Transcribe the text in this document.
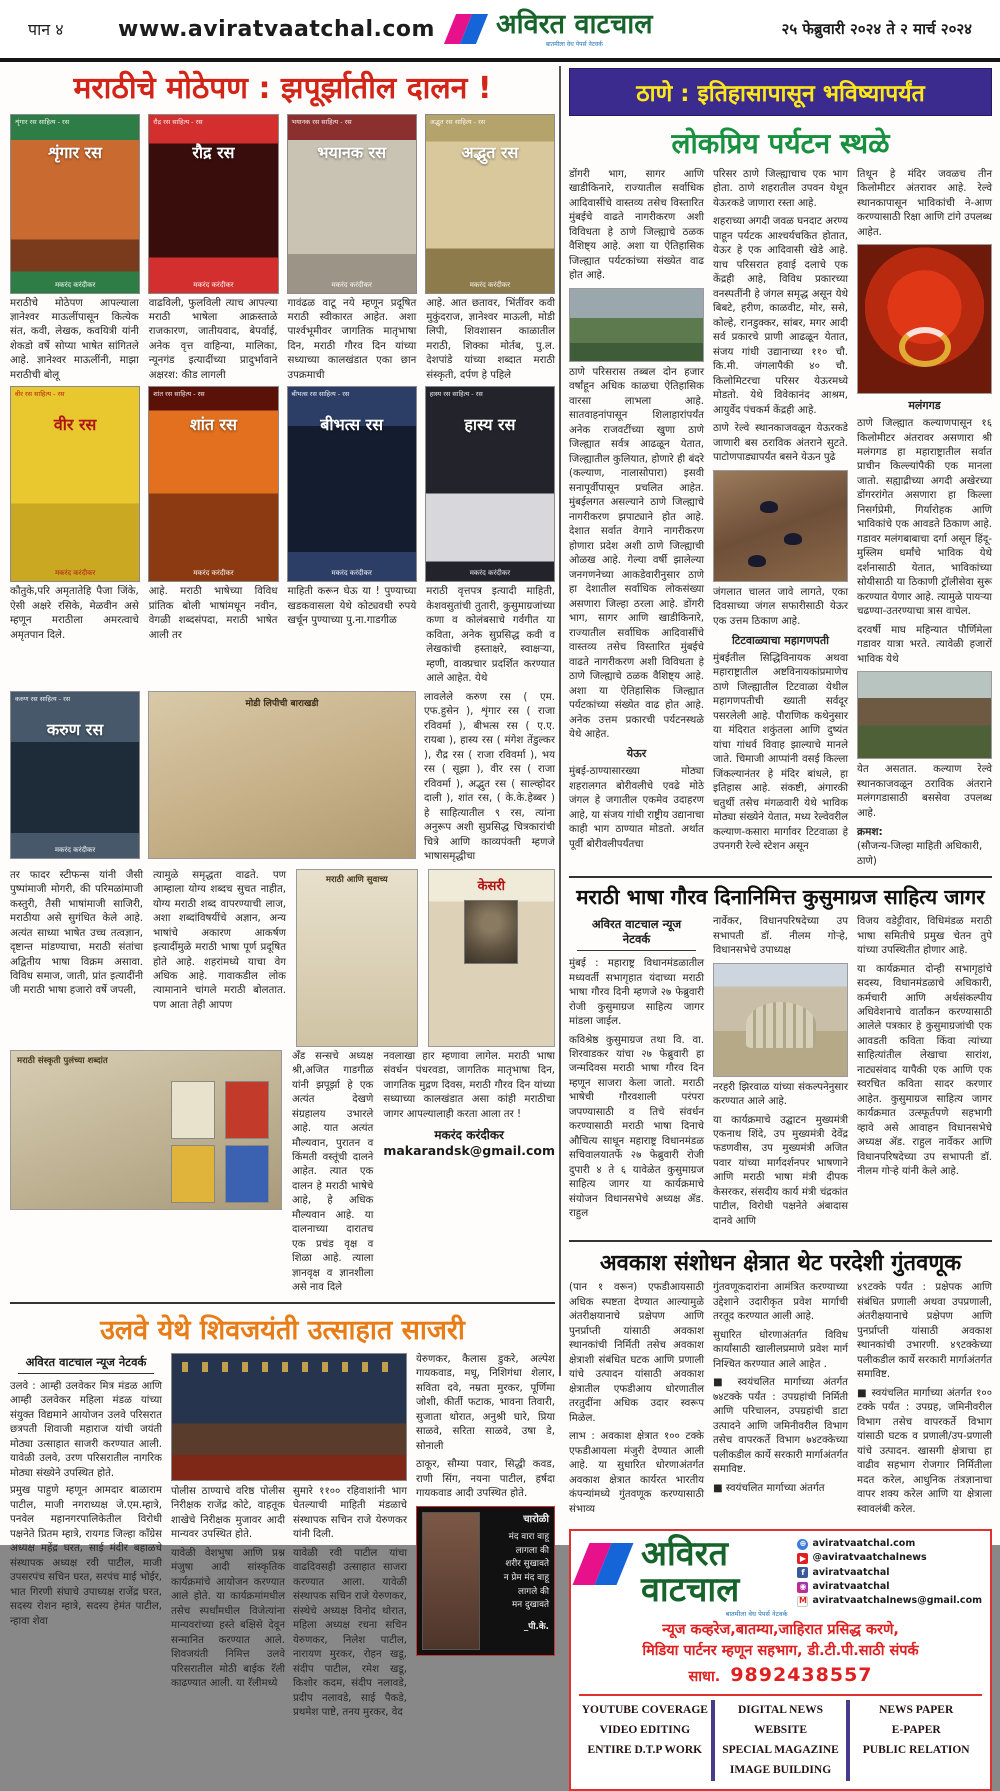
पान ४	www.aviratvaatchal.com	अविरत वाटचाल
बातमीला वेध पेपर्स नेटवर्क
२५ फेब्रुवारी २०२४ ते २ मार्च २०२४
मराठीचे मोठेपण : झपूर्झातील दालन !
शृंगार रस साहित्य - रस
शृंगार रस
मकरंद करंदीकर
रौद्र रस साहित्य - रस
रौद्र रस
मकरंद करंदीकर
भयानक रस साहित्य - रस
भयानक रस
मकरंद करंदीकर
अद्भुत रस साहित्य - रस
अद्भुत रस
मकरंद करंदीकर
मराठीचे मोठेपण आपल्याला ज्ञानेश्वर माऊलींपासून कित्येक संत, कवी, लेखक, कवयित्री यांनी शेकडो वर्षे सोप्या भाषेत सांगितले आहे. ज्ञानेश्वर माऊलींनी, माझा मराठीची बोलू
वाढविली, फुलविली त्याच आपल्या मराठी भाषेला आक्रस्ताळे राजकारण, जातीयवाद, बेपर्वाई, अनेक वृत्त वाहिन्या, मालिका, न्यूनगंड इत्यादींच्या प्रादुर्भावाने अक्षरश: कीड लागली
गावंढळ वाटू नये म्हणून प्रदूषित मराठी स्वीकारत आहेत. अशा पार्श्वभूमीवर जागतिक मातृभाषा दिन, मराठी गौरव दिन यांच्या सध्याच्या कालखंडात एका छान उपक्रमाची
आहे. आत छतावर, भिंतींवर कवी मुकुंदराज, ज्ञानेश्वर माऊली, मोडी लिपी, शिवशासन काळातील मराठी, शिक्का मोर्तब, पु.ल. देशपांडे यांच्या शब्दात मराठी संस्कृती, दर्पण हे पहिले
वीर रस साहित्य - रस
वीर रस
मकरंद करंदीकर
शांत रस साहित्य - रस
शांत रस
मकरंद करंदीकर
बीभत्स रस साहित्य - रस
बीभत्स रस
मकरंद करंदीकर
हास्य रस साहित्य - रस
हास्य रस
मकरंद करंदीकर
कौतुके,परि अमृतातेहि पैजा जिंके, ऐसी अक्षरे रसिके, मेळवीन असे म्हणून मराठीला अमरत्वाचे अमृतपान दिले.
आहे. मराठी भाषेच्या विविध प्रांतिक बोली भाषांमधून नवीन, वेगळी शब्दसंपदा, मराठी भाषेत आली तर
माहिती करून घेऊ या ! पुण्याच्या खडकवासला येथे कोट्यवधी रुपये खर्चून पुण्याच्या पु.ना.गाडगीळ
मराठी वृत्तपत्र इत्यादी माहिती, केशवसुतांची तुतारी, कुसुमाग्रजांच्या कणा व कोलंबसाचे गर्वगीत या कविता, अनेक सुप्रसिद्ध कवी व लेखकांची हस्ताक्षरे, स्वाक्षऱ्या, म्हणी, वाक्प्रचार प्रदर्शित करण्यात आले आहेत. येथे
करुण रस साहित्य - रस
करुण रस
मकरंद करंदीकर
मोडी लिपीची बाराखडी
लावलेले करुण रस ( एम. एफ.हुसेन ), शृंगार रस ( राजा रविवर्मा ), बीभत्स रस ( ए.ए. रायबा ), हास्य रस ( मंगेश तेंडुल्कर ), रौद्र रस ( राजा रविवर्मा ), भय रस ( सूझा ), वीर रस ( राजा रविवर्मा ), अद्भुत रस ( साल्व्होदर दाली ), शांत रस, ( के.के.हेब्बर ) हे साहित्यातील ९ रस, त्यांना अनुरूप अशी सुप्रसिद्ध चित्रकारांची चित्रे आणि काव्यपंक्ती म्हणजे भाषासमृद्धीचा
तर फादर स्टीफन्स यांनी जैसी पुष्पांमाजी मोगरी, की परिमळांमाजी कस्तुरी, तैसी भाषांमाजी साजिरी, मराठीया असे सुगंधित केले आहे. अत्यंत साध्या भाषेत उच्च तत्वज्ञान, दृष्टान्त मांडण्याचा, मराठी संतांचा अद्वितीय भाषा विक्रम असावा. विविध समाज, जाती, प्रांत इत्यादींनी जी मराठी भाषा हजारो वर्षे जपली,
त्यामुळे समृद्धता वाढते. पण आम्हाला योग्य शब्दच सुचत नाहीत, योग्य मराठी शब्द वापरण्याची लाज, अशा शब्दांविषयींचे अज्ञान, अन्य भाषांचे अकारण आकर्षण इत्यादींमुळे मराठी भाषा पूर्ण प्रदूषित होते आहे. शहरांमध्ये याचा वेग अधिक आहे. गावाकडील लोक त्यामानाने चांगले मराठी बोलतात. पण आता तेही आपण
मराठी आणि सुवाच्य	केसरी
मराठी संस्कृती पुलंच्या शब्दांत	अँड सन्सचे अध्यक्ष श्री,अजित गाडगीळ यांनी झपूर्झा हे एक अत्यंत देखणे संग्रहालय उभारले आहे. यात अत्यंत मौल्यवान, पुरातन व किंमती वस्तूंची दालने आहेत. त्यात एक दालन हे मराठी भाषेचे आहे, हे अधिक मौल्यवान आहे. या दालनाच्या दारातच एक प्रचंड वृक्ष व शिळा आहे. त्याला ज्ञानवृक्ष व ज्ञानशीला असे नाव दिले
नवलाखा हार म्हणावा लागेल. मराठी भाषा संवर्धन पंधरवडा, जागतिक मातृभाषा दिन, जागतिक मुद्रण दिवस, मराठी गौरव दिन यांच्या सध्याच्या कालखंडात असा कांही मराठीचा जागर आपल्यालाही करता आला तर !
मकरंद करंदीकर
makarandsk@gmail.com
उलवे येथे शिवजयंती उत्साहात साजरी
अविरत वाटचाल न्यूज नेटवर्क
उलवे : आम्ही उलवेकर मित्र मंडळ आणि आम्ही उलवेकर महिला मंडळ यांच्या संयुक्त विद्यमाने आयोजन उलवे परिसरात छत्रपती शिवाजी महाराज यांची जयंती मोठ्या उत्साहात साजरी करण्यात आली. यावेळी उलवे, उरण परिसरातील नागरिक मोठ्या संख्येने उपस्थित होते.
प्रमुख पाहुणे म्हणून आमदार बाळाराम पाटील, माजी नगराध्यक्ष जे.एम.म्हात्रे, पनवेल महानगरपालिकेतील विरोधी पक्षनेते प्रितम म्हात्रे, रायगड जिल्हा काँग्रेस अध्यक्ष महेंद्र घरत, साई मंदीर बहाळचे संस्थापक अध्यक्ष रवी पाटील, माजी उपसरपंच सचिन घरत, सरपंच माई भोईर, भात गिरणी संघाचे उपाध्यक्ष राजेंद्र घरत, सदस्य रोशन म्हात्रे, सदस्य हेमंत पाटील, न्हावा शेवा

पोलीस ठाण्याचे वरिष्ठ पोलीस निरीक्षक राजेंद्र कोटे, वाहतूक शाखेचे निरीक्षक मुजावर आदी मान्यवर उपस्थित होते.

यावेळी वेशभुषा आणि प्रश्न मंजुषा आदी सांस्कृतिक कार्यक्रमांचे आयोजन करण्यात आले होते. या कार्यक्रमांमधील तसेच स्पर्धांमधील विजेत्यांना मान्यवरांच्या हस्ते बक्षिसे देवून सन्मानित करण्यात आले. शिवजयंती निमित्त उलवे परिसरातील मोठी बाईक रॅली काढण्यात आली. या रॅलीमध्ये

सुमारे ११०० रहिवाशांनी भाग घेतल्याची माहिती मंडळाचे संस्थापक सचिन राजे येरुणकर यांनी दिली.

यावेळी रवी पाटील यांचा वाढदिवसही उत्साहात साजरा करण्यात आला. यावेळी संस्थापक सचिन राजे येरुणकर, संस्थेचे अध्यक्ष विनोद थोरात, महिला अध्यक्ष रचना सचिन येरुणकर, निलेश पाटील, नारायण मुरकर, रोहन खडू, संदीप पाटील, रमेश खडू, किशोर कदम, संदीप नलावडे, प्रदीप नलावडे, साई पैकडे, प्रथमेश पाष्टे, तनय मुरकर, वेद

येरुणकर, कैलास डुकरे, अल्पेश गायकवाड, मधू, निशिगंधा शेलार, सविता दवे, नम्रता मुरकर, पूर्णिमा जोशी, कीर्ती फटाक, भावना तिवारी, सुजाता थोरात, अनुश्री घारे, प्रिया साळवे, सरिता साळवे, उषा डे, सोनाली

ठाकूर, सौम्या पवार, सिद्धी कवड, राणी सिंग, नयना पाटील, हर्षदा गायकवाड आदी उपस्थित होते.

चारोळी
मंद वारा वाहू लागला की
शरीर सुखावते
न प्रेम मंद वाहू लागले की
मन दुखावते
_पी.के.
ठाणे : इतिहासापासून भविष्यापर्यंत
लोकप्रिय पर्यटन स्थळे

डोंगरी भाग, सागर आणि खाडीकिनारे, राज्यातील सर्वाधिक आदिवासींचे वास्तव्य तसेच विस्तारित मुंबईचे वाढते नागरीकरण अशी विविधता हे ठाणे जिल्ह्याचे ठळक वैशिष्ट्य आहे. अशा या ऐतिहासिक जिल्ह्यात पर्यटकांच्या संख्येत वाढ होत आहे.

ठाणे परिसरास तब्बल दोन हजार वर्षांहून अधिक काळचा ऐतिहासिक वारसा लाभला आहे. सातवाहनांपासून शिलाहारांपर्यंत अनेक राजवटींच्या खुणा ठाणे जिल्ह्यात सर्वत्र आढळून येतात, जिल्ह्यातील कुलियात, होणारे ही बंदरे (कल्याण, नालासोपारा) इसवी सनापूर्वीपासून प्रचलित आहेत. मुंबईलगत असल्याने ठाणे जिल्ह्याचे नागरीकरण झपाट्याने होत आहे. देशात सर्वात वेगाने नागरीकरण होणारा प्रदेश अशी ठाणे जिल्ह्याची ओळख आहे. गेल्या वर्षी झालेल्या जनगणनेच्या आकडेवारीनुसार ठाणे हा देशातील सर्वाधिक लोकसंख्या असणारा जिल्हा ठरला आहे. डोंगरी भाग, सागर आणि खाडीकिनारे, राज्यातील सर्वाधिक आदिवासींचे वास्तव्य तसेच विस्तारित मुंबईचे वाढते नागरीकरण अशी विविधता हे ठाणे जिल्ह्याचे ठळक वैशिष्ट्य आहे. अशा या ऐतिहासिक जिल्ह्यात पर्यटकांच्या संख्येत वाढ होत आहे. अनेक उत्तम प्रकारची पर्यटनस्थळे येथे आहेत.

येऊर

मुंबई-ठाण्यासारख्या मोठ्या शहरालगत बोरीवलीचे एवढे मोठे जंगल हे जगातील एकमेव उदाहरण आहे, या संजय गांधी राष्ट्रीय उद्यानाचा काही भाग ठाण्यात मोडतो. अर्थात पूर्वी बोरीवलीपर्यंतचा

परिसर ठाणे जिल्ह्याचाच एक भाग होता. ठाणे शहरातील उपवन येथून येऊरकडे जाणारा रस्ता आहे.

शहराच्या अगदी जवळ घनदाट अरण्य पाहून पर्यटक आश्चर्यचकित होतात, येऊर हे एक आदिवासी खेडे आहे. याच परिसरात हवाई दलाचे एक केंद्रही आहे, विविध प्रकारच्या वनस्पतींनी हे जंगल समृद्ध असून येथे बिबटे, हरीण, काळवीट, मोर, ससे, कोल्हे, रानडुक्कर, सांबर, मगर आदी सर्व प्रकारचे प्राणी आढळून येतात, संजय गांधी उद्यानाच्या ११० चौ. कि.मी. जंगलापैकी ४० चौ. किलोमिटरचा परिसर येऊरमध्ये मोडतो. येथे विवेकानंद आश्रम, आयुर्वेद पंचकर्म केंद्रही आहे.

ठाणे रेल्वे स्थानकाजवळून येऊरकडे जाणारी बस ठराविक अंतराने सुटते. पाटोणपाड्यापर्यंत बसने येऊन पुढे

जंगलात चालत जावे लागते, एका दिवसाच्या जंगल सफारीसाठी येऊर एक उत्तम ठिकाण आहे.

टिटवाळ्याचा महागणपती

मुंबईतील सिद्धिविनायक अथवा महाराष्ट्रातील अष्टविनायकांप्रमाणेच ठाणे जिल्ह्यातील टिटवाळा येथील महागणपतीची ख्याती सर्वदूर पसरलेली आहे. पौराणिक कथेनुसार या मंदिरात शकुंतला आणि दुष्यंत यांचा गांधर्व विवाह झाल्याचे मानले जाते. चिमाजी आप्पांनी वसई किल्ला जिंकल्यानंतर हे मंदिर बांधले, हा इतिहास आहे. संकष्टी, अंगारकी चतुर्थी तसेच मंगळवारी येथे भाविक मोठ्या संख्येने येतात, मध्य रेल्वेवरील कल्याण-कसारा मार्गावर टिटवाळा हे उपनगरी रेल्वे स्टेशन असून

तिथून हे मंदिर जवळच तीन किलोमीटर अंतरावर आहे. रेल्वे स्थानकापासून भाविकांची ने-आण करण्यासाठी रिक्षा आणि टांगे उपलब्ध आहेत.

मलंगगड

ठाणे जिल्ह्यात कल्याणपासून १६ किलोमीटर अंतरावर असणारा श्री मलंगगड हा महाराष्ट्रातील सर्वात प्राचीन किल्ल्यांपैकी एक मानला जातो. सह्याद्रीच्या अगदी अखेरच्या डोंगररांगेत असणारा हा किल्ला निसर्गप्रेमी, गिर्यारोहक आणि भाविकांचे एक आवडते ठिकाण आहे. गडावर मलंगबाबाचा दर्गा असून हिंदू-मुस्लिम धर्मांचे भाविक येथे दर्शनासाठी येतात, भाविकांच्या सोयीसाठी या ठिकाणी ट्रॉलीसेवा सुरू करण्यात येणार आहे. त्यामुळे पायऱ्या चढण्या-उतरण्याचा त्रास वाचेल.

दरवर्षी माघ महिन्यात पौर्णिमेला गडावर यात्रा भरते. त्यावेळी हजारों भाविक येथे

येत असतात. कल्याण रेल्वे स्थानकाजवळून ठराविक अंतराने मलंगगडासाठी बससेवा उपलब्ध आहे.

क्रमश:
(सौजन्य-जिल्हा माहिती अधिकारी, ठाणे)
मराठी भाषा गौरव दिनानिमित्त कुसुमाग्रज साहित्य जागर
अविरत वाटचाल न्यूज नेटवर्क

मुंबई : महाराष्ट्र विधानमंडळातील मध्यवर्ती सभागृहात यंदाच्या मराठी भाषा गौरव दिनी म्हणजे २७ फेब्रुवारी रोजी कुसुमाग्रज साहित्य जागर मांडला जाईल.

कविश्रेष्ठ कुसुमाग्रज तथा वि. वा. शिरवाडकर यांचा २७ फेब्रुवारी हा जन्मदिवस मराठी भाषा गौरव दिन म्हणून साजरा केला जातो. मराठी भाषेची गौरवशाली परंपरा जपण्यासाठी व तिचे संवर्धन करण्यासाठी मराठी भाषा दिनाचे औचित्य साधून महाराष्ट्र विधानमंडळ सचिवालयातर्फे २७ फेब्रुवारी रोजी दुपारी ४ ते ६ यावेळेत कुसुमाग्रज साहित्य जागर या कार्यक्रमाचे संयोजन विधानसभेचे अध्यक्ष ॲड. राहुल

नार्वेकर, विधानपरिषदेच्या उप सभापती डॉ. नीलम गोऱ्हे, विधानसभेचे उपाध्यक्ष

नरहरी झिरवाळ यांच्या संकल्पनेनुसार करण्यात आले आहे.

या कार्यक्रमाचे उद्घाटन मुख्यमंत्री एकनाथ शिंदे, उप मुख्यमंत्री देवेंद्र फडणवीस, उप मुख्यमंत्री अजित पवार यांच्या मार्गदर्शनपर भाषणाने आणि मराठी भाषा मंत्री दीपक केसरकर, संसदीय कार्य मंत्री चंद्रकांत पाटील, विरोधी पक्षनेते अंबादास दानवे आणि

विजय वडेट्टीवार, विधिमंडळ मराठी भाषा समितीचे प्रमुख चेतन तुपे यांच्या उपस्थितीत होणार आहे.

या कार्यक्रमात दोन्ही सभागृहांचे सदस्य, विधानमंडळाचे अधिकारी, कर्मचारी आणि अर्थसंकल्पीय अधिवेशनाचे वार्तांकन करण्यासाठी आलेले पत्रकार हे कुसुमाग्रजांची एक आवडती कविता किंवा त्यांच्या साहित्यांतील लेखाचा सारांश, नाट्यसंवाद यापैकी एक आणि एक स्वरचित कविता सादर करणार आहेत. कुसुमाग्रज साहित्य जागर कार्यक्रमात उत्स्फूर्तपणे सहभागी व्हावे असे आवाहन विधानसभेचे अध्यक्ष ॲड. राहुल नार्वेकर आणि विधानपरिषदेच्या उप सभापती डॉ. नीलम गोऱ्हे यांनी केले आहे.

अवकाश संशोधन क्षेत्रात थेट परदेशी गुंतवणूक

(पान १ वरून) एफडीआयसाठी अधिक स्पष्टता देण्यात आल्यामुळे अंतरीक्षयानाचे प्रक्षेपण आणि पुनर्प्राप्ती यांसाठी अवकाश स्थानकांची निर्मिती तसेच अवकाश क्षेत्राशी संबंधित घटक आणि प्रणाली यांचे उत्पादन यांसाठी अवकाश क्षेत्रातील एफडीआय धोरणातील तरतुदींना अधिक उदार स्वरूप मिळेल.

लाभ : अवकाश क्षेत्रात १०० टक्के एफडीआयला मंजुरी देण्यात आली आहे. या सुधारित धोरणाअंतर्गत अवकाश क्षेत्रात कार्यरत भारतीय कंपन्यांमध्ये गुंतवणूक करण्यासाठी संभाव्य

गुंतवणूकदारांना आमंत्रित करण्याच्या उद्देशाने उदारीकृत प्रवेश मार्गाची तरतूद करण्यात आली आहे.

सुधारित धोरणाअंतर्गत विविध कार्यांसाठी खालीलप्रमाणे प्रवेश मार्ग निश्चित करण्यात आले आहेत .

■ स्वयंचलित मार्गाच्या अंतर्गत ७४टक्के पर्यंत : उपग्रहांची निर्मिती आणि परिचालन, उपग्रहांची डाटा उत्पादने आणि जमिनीवरील विभाग तसेच वापरकर्ते विभाग ७४टक्केच्या पलीकडील कार्ये सरकारी मार्गाअंतर्गत समाविष्ट.

■ स्वयंचलित मार्गाच्या अंतर्गत

४९टक्के पर्यंत : प्रक्षेपक आणि संबंधित प्रणाली अथवा उपप्रणाली, अंतरीक्षयानाचे प्रक्षेपण आणि पुनर्प्राप्ती यांसाठी अवकाश स्थानकांची उभारणी. ४९टक्केच्या पलीकडील कार्ये सरकारी मार्गाअंतर्गत समाविष्ट.

■ स्वयंचलित मार्गाच्या अंतर्गत १०० टक्के पर्यंत : उपग्रह, जमिनीवरील विभाग तसेच वापरकर्ते विभाग यांसाठी घटक व प्रणाली/उप-प्रणाली यांचे उत्पादन. खासगी क्षेत्राचा हा वाढीव सहभाग रोजगार निर्मितीला मदत करेल, आधुनिक तंत्रज्ञानाचा वापर शक्य करेल आणि या क्षेत्राला स्वावलंबी करेल.

अविरत वाटचाल
बातमीला वेध पेपर्स नेटवर्क
⊕ aviratvaatchal.com
▶ @aviratvaatchalnews
f aviratvaatchal
◉ aviratvaatchal
M aviratvaatchalnews@gmail.com
न्यूज कव्हरेज,बातम्या,जाहिरात प्रसिद्ध करणे,
मिडिया पार्टनर म्हणून सहभाग, डी.टी.पी.साठी संपर्क साधा. 9892438557
YOUTUBE COVERAGE
VIDEO EDITING
ENTIRE D.T.P WORK
DIGITAL NEWS WEBSITE
SPECIAL MAGAZINE
IMAGE BUILDING
NEWS PAPER
E-PAPER
PUBLIC RELATION
